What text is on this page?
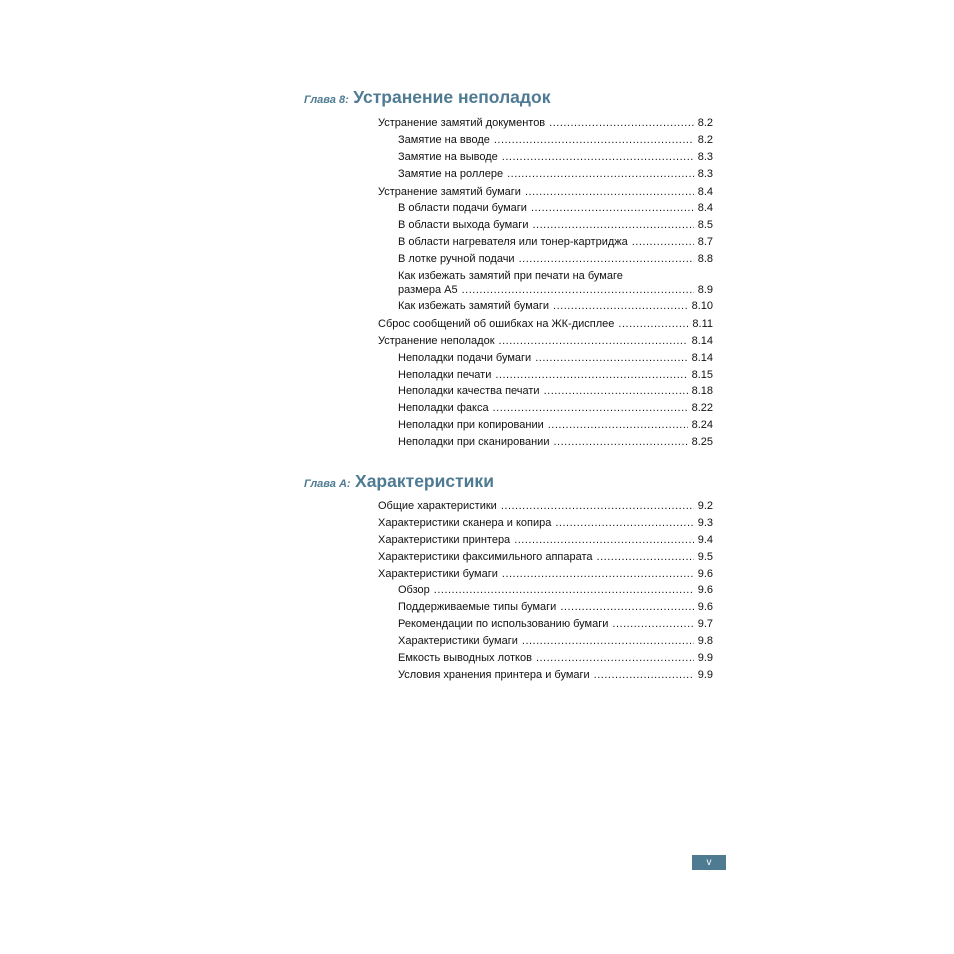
Глава 8: Устранение неполадок
Устранение замятий документов .....	8.2
Замятие на вводе .....	8.2
Замятие на выводе .....	8.3
Замятие на роллере .....	8.3
Устранение замятий бумаги .....	8.4
В области подачи бумаги .....	8.4
В области выхода бумаги .....	8.5
В области нагревателя или тонер-картриджа .....	8.7
В лотке ручной подачи .....	8.8
Как избежать замятий при печати на бумаге
размера A5 .....	8.9
Как избежать замятий бумаги .....	8.10
Сброс сообщений об ошибках на ЖК-дисплее .....	8.11
Устранение неполадок .....	8.14
Неполадки подачи бумаги .....	8.14
Неполадки печати .....	8.15
Неполадки качества печати .....	8.18
Неполадки факса .....	8.22
Неполадки при копировании .....	8.24
Неполадки при сканировании .....	8.25
Глава A: Характеристики
Общие характеристики .....	9.2
Характеристики сканера и копира .....	9.3
Характеристики принтера .....	9.4
Характеристики факсимильного аппарата .....	9.5
Характеристики бумаги .....	9.6
Обзор .....	9.6
Поддерживаемые типы бумаги .....	9.6
Рекомендации по использованию бумаги .....	9.7
Характеристики бумаги .....	9.8
Емкость выводных лотков .....	9.9
Условия хранения принтера и бумаги .....	9.9
v
